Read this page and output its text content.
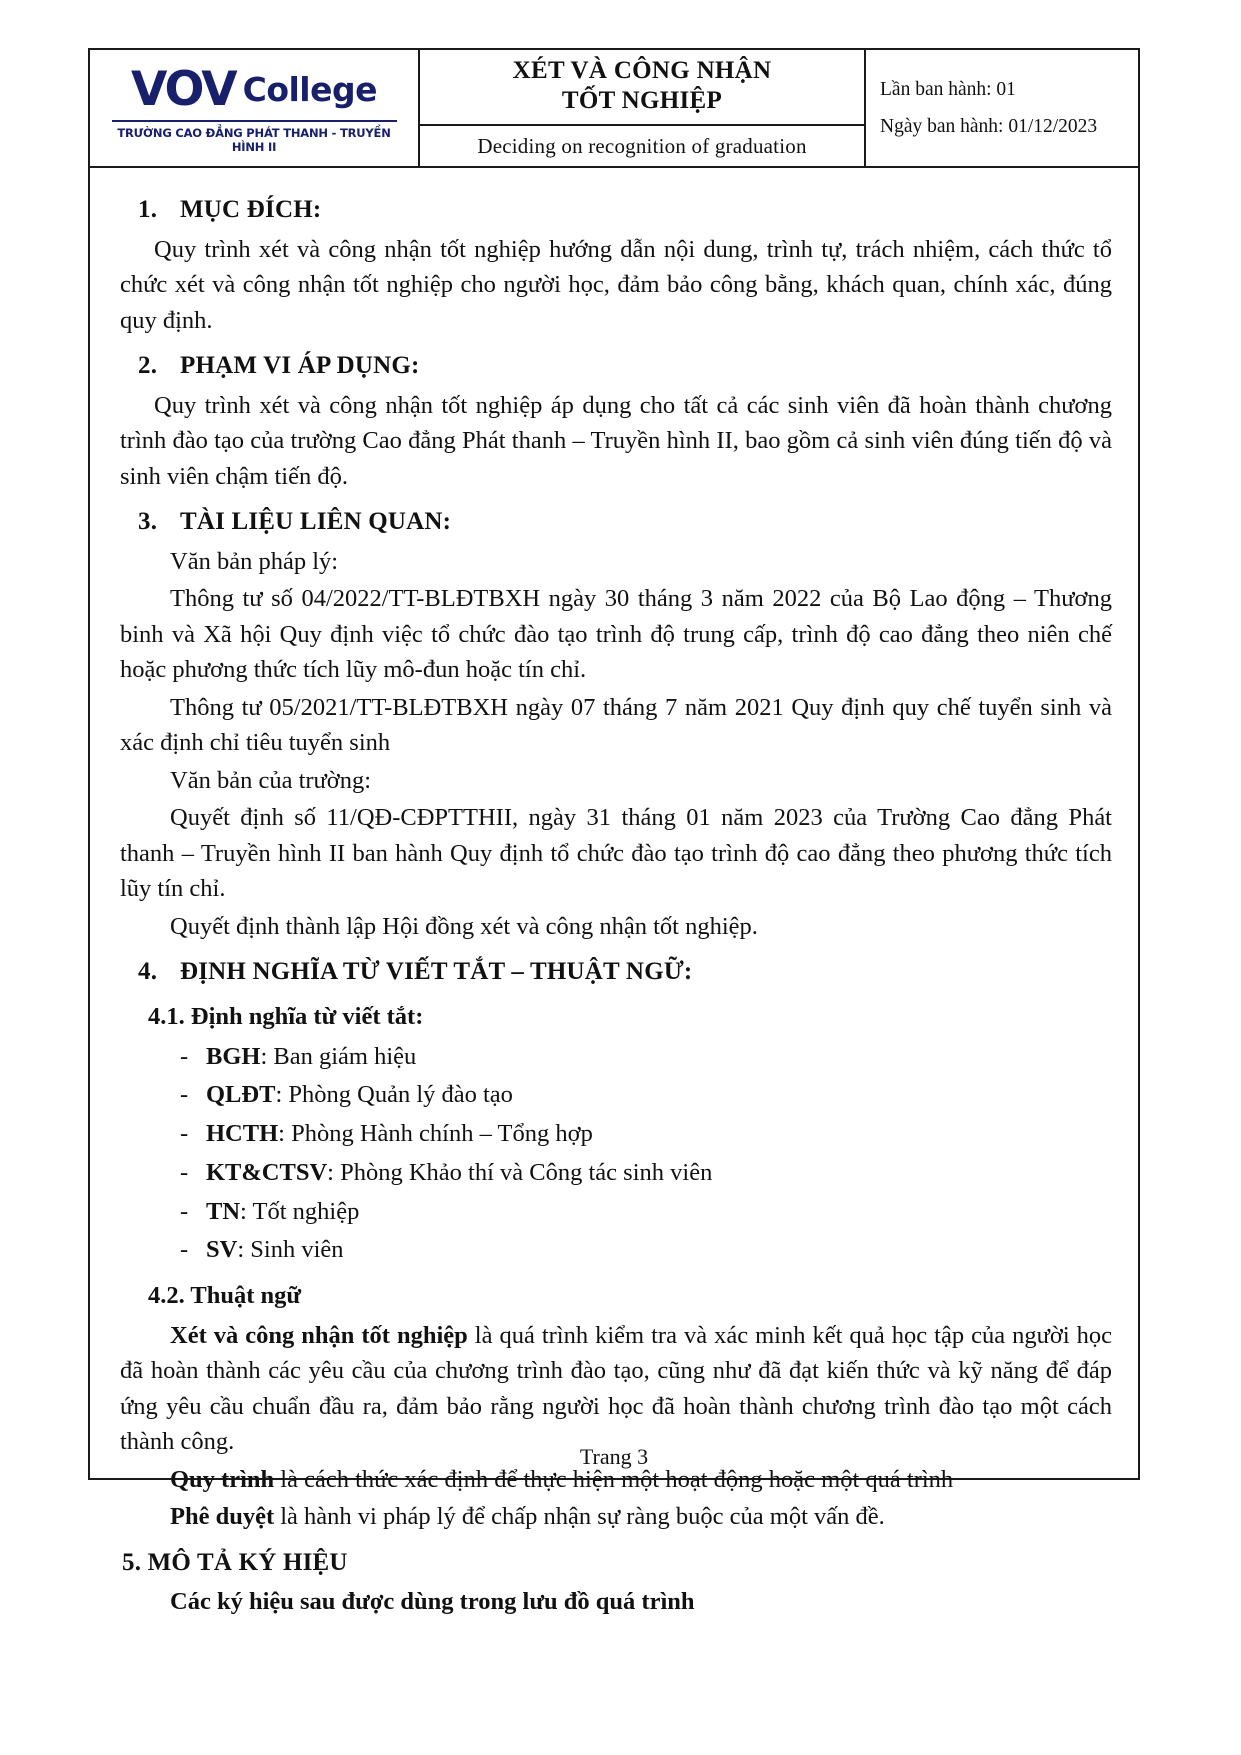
VOV College
TRƯỜNG CAO ĐẲNG PHÁT THANH - TRUYỀN HÌNH II
XÉT VÀ CÔNG NHẬN
TỐT NGHIỆP
Deciding on recognition of graduation
Lần ban hành: 01
Ngày ban hành: 01/12/2023
1. MỤC ĐÍCH:

Quy trình xét và công nhận tốt nghiệp hướng dẫn nội dung, trình tự, trách nhiệm, cách thức tổ chức xét và công nhận tốt nghiệp cho người học, đảm bảo công bằng, khách quan, chính xác, đúng quy định.

2. PHẠM VI ÁP DỤNG:

Quy trình xét và công nhận tốt nghiệp áp dụng cho tất cả các sinh viên đã hoàn thành chương trình đào tạo của trường Cao đẳng Phát thanh – Truyền hình II, bao gồm cả sinh viên đúng tiến độ và sinh viên chậm tiến độ.

3. TÀI LIỆU LIÊN QUAN:

Văn bản pháp lý:

Thông tư số 04/2022/TT-BLĐTBXH ngày 30 tháng 3 năm 2022 của Bộ Lao động – Thương binh và Xã hội Quy định việc tổ chức đào tạo trình độ trung cấp, trình độ cao đẳng theo niên chế hoặc phương thức tích lũy mô-đun hoặc tín chỉ.

Thông tư 05/2021/TT-BLĐTBXH ngày 07 tháng 7 năm 2021 Quy định quy chế tuyển sinh và xác định chỉ tiêu tuyển sinh

Văn bản của trường:

Quyết định số 11/QĐ-CĐPTTHII, ngày 31 tháng 01 năm 2023 của Trường Cao đẳng Phát thanh – Truyền hình II ban hành Quy định tổ chức đào tạo trình độ cao đẳng theo phương thức tích lũy tín chỉ.

Quyết định thành lập Hội đồng xét và công nhận tốt nghiệp.

4. ĐỊNH NGHĨA TỪ VIẾT TẮT – THUẬT NGỮ:
4.1. Định nghĩa từ viết tắt:
- BGH: Ban giám hiệu
- QLĐT: Phòng Quản lý đào tạo
- HCTH: Phòng Hành chính – Tổng hợp
- KT&CTSV: Phòng Khảo thí và Công tác sinh viên
- TN: Tốt nghiệp
- SV: Sinh viên
4.2. Thuật ngữ

Xét và công nhận tốt nghiệp là quá trình kiểm tra và xác minh kết quả học tập của người học đã hoàn thành các yêu cầu của chương trình đào tạo, cũng như đã đạt kiến thức và kỹ năng để đáp ứng yêu cầu chuẩn đầu ra, đảm bảo rằng người học đã hoàn thành chương trình đào tạo một cách thành công.

Quy trình là cách thức xác định để thực hiện một hoạt động hoặc một quá trình

Phê duyệt là hành vi pháp lý để chấp nhận sự ràng buộc của một vấn đề.

5. MÔ TẢ KÝ HIỆU

Các ký hiệu sau được dùng trong lưu đồ quá trình

Trang 3
